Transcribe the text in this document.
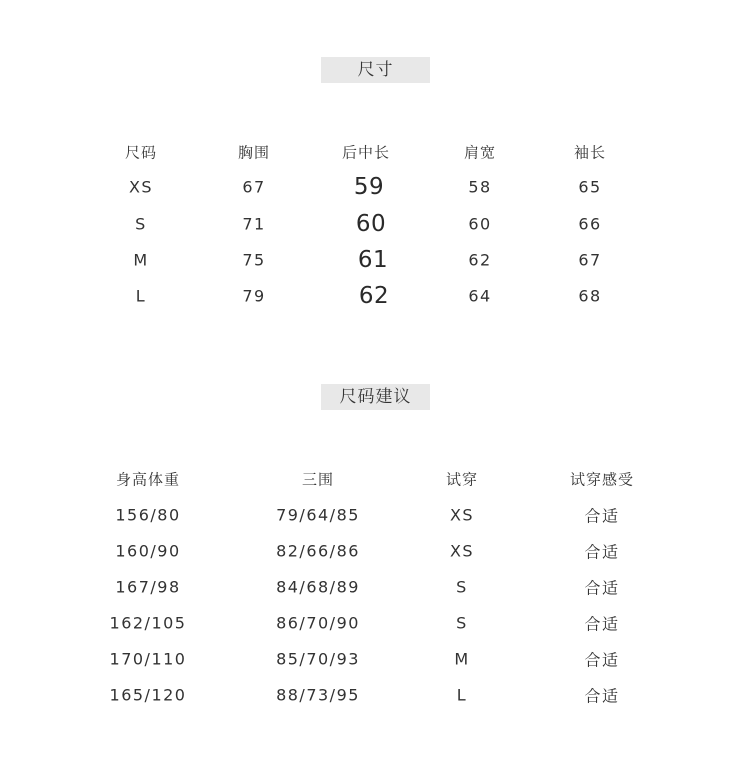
尺寸
尺码	胸围	后中长	肩宽	袖长
XS	67	59	58	65
S	71	60	60	66
M	75	61	62	67
L	79	62	64	68
尺码建议
身高体重	三围	试穿	试穿感受
156/80	79/64/85	XS	合适
160/90	82/66/86	XS	合适
167/98	84/68/89	S	合适
162/105	86/70/90	S	合适
170/110	85/70/93	M	合适
165/120	88/73/95	L	合适
